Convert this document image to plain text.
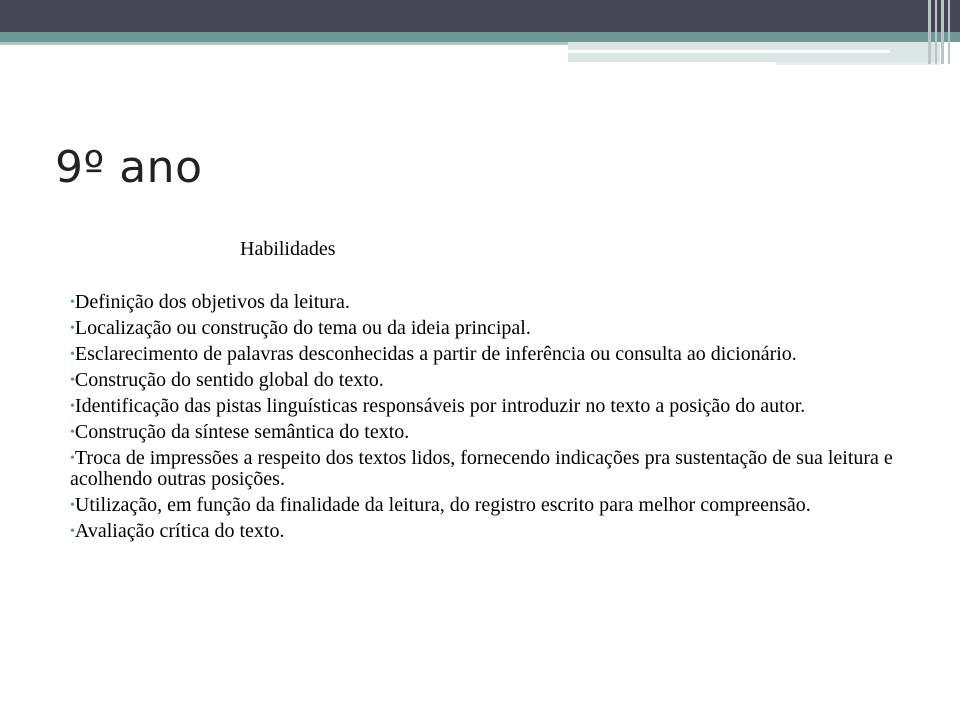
9º ano

Habilidades

•Definição dos objetivos da leitura.
•Localização ou construção do tema ou da ideia principal.
•Esclarecimento de palavras desconhecidas a partir de inferência ou consulta ao dicionário.
•Construção do sentido global do texto.
•Identificação das pistas linguísticas responsáveis por introduzir no texto a posição do autor.
•Construção da síntese semântica do texto.
•Troca de impressões a respeito dos textos lidos, fornecendo indicações pra sustentação de sua leitura e acolhendo outras posições.
•Utilização, em função da finalidade da leitura, do registro escrito para melhor compreensão.
•Avaliação crítica do texto.
